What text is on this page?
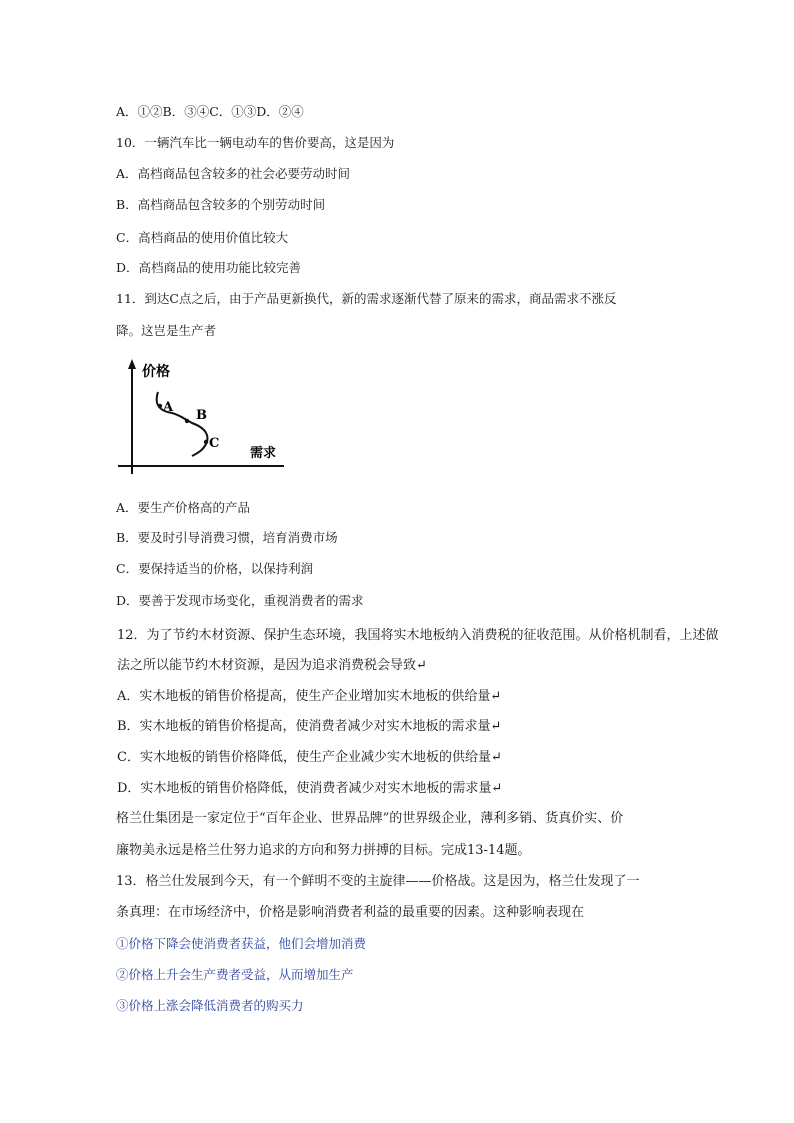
A．①②B．③④C．①③D．②④
10．一辆汽车比一辆电动车的售价要高，这是因为
A．高档商品包含较多的社会必要劳动时间
B．高档商品包含较多的个别劳动时间
C．高档商品的使用价值比较大
D．高档商品的使用功能比较完善
11．到达C点之后，由于产品更新换代，新的需求逐渐代替了原来的需求，商品需求不涨反
降。这岂是生产者
价格
需求
A
B
C
A．要生产价格高的产品
B．要及时引导消费习惯，培育消费市场
C．要保持适当的价格，以保持利润
D．要善于发现市场变化，重视消费者的需求
12．为了节约木材资源、保护生态环境，我国将实木地板纳入消费税的征收范围。从价格机制看，上述做
法之所以能节约木材资源，是因为追求消费税会导致↵
A．实木地板的销售价格提高，使生产企业增加实木地板的供给量↵
B．实木地板的销售价格提高，使消费者减少对实木地板的需求量↵
C．实木地板的销售价格降低，使生产企业减少实木地板的供给量↵
D．实木地板的销售价格降低，使消费者减少对实木地板的需求量↵
格兰仕集团是一家定位于“百年企业、世界品牌”的世界级企业，薄利多销、货真价实、价
廉物美永远是格兰仕努力追求的方向和努力拼搏的目标。完成13-14题。
13．格兰仕发展到今天，有一个鲜明不变的主旋律——价格战。这是因为，格兰仕发现了一
条真理：在市场经济中，价格是影响消费者利益的最重要的因素。这种影响表现在
①价格下降会使消费者获益，他们会增加消费
②价格上升会生产费者受益，从而增加生产
③价格上涨会降低消费者的购买力
